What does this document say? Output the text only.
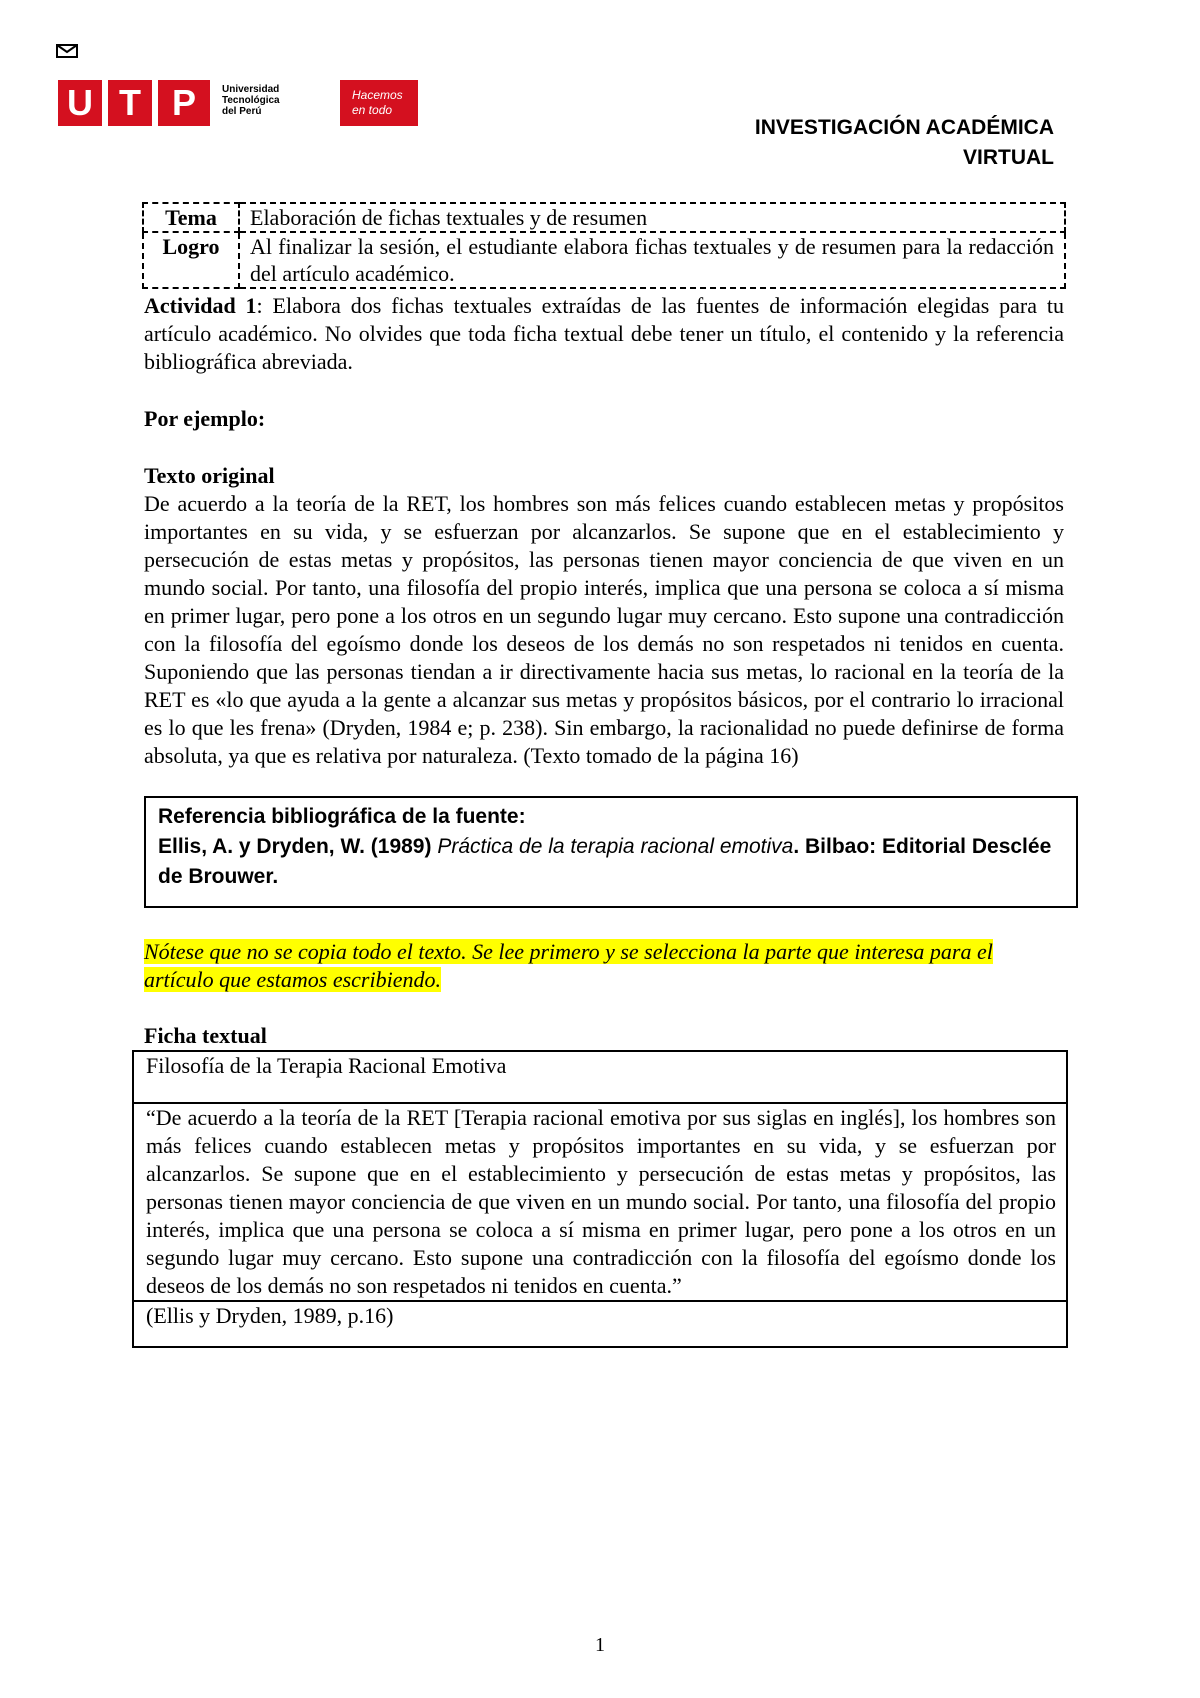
U T P	Universidad
Tecnológica
del Perú
Hacemos
en todo
INVESTIGACIÓN ACADÉMICA
VIRTUAL
Tema	Elaboración de fichas textuales y de resumen
Logro	Al finalizar la sesión, el estudiante elabora fichas textuales y de resumen para la redacción del artículo académico.
Actividad 1: Elabora dos fichas textuales extraídas de las fuentes de información elegidas para tu artículo académico. No olvides que toda ficha textual debe tener un título, el contenido y la referencia bibliográfica abreviada.
Por ejemplo:
Texto original
De acuerdo a la teoría de la RET, los hombres son más felices cuando establecen metas y propósitos importantes en su vida, y se esfuerzan por alcanzarlos. Se supone que en el establecimiento y persecución de estas metas y propósitos, las personas tienen mayor conciencia de que viven en un mundo social. Por tanto, una filosofía del propio interés, implica que una persona se coloca a sí misma en primer lugar, pero pone a los otros en un segundo lugar muy cercano. Esto supone una contradicción con la filosofía del egoísmo donde los deseos de los demás no son respetados ni tenidos en cuenta. Suponiendo que las personas tiendan a ir directivamente hacia sus metas, lo racional en la teoría de la RET es «lo que ayuda a la gente a alcanzar sus metas y propósitos básicos, por el contrario lo irracional es lo que les frena» (Dryden, 1984 e; p. 238). Sin embargo, la racionalidad no puede definirse de forma absoluta, ya que es relativa por naturaleza. (Texto tomado de la página 16)
Referencia bibliográfica de la fuente:
Ellis, A. y Dryden, W. (1989) Práctica de la terapia racional emotiva. Bilbao: Editorial Desclée de Brouwer.
Nótese que no se copia todo el texto. Se lee primero y se selecciona la parte que interesa para el artículo que estamos escribiendo.
Ficha textual
Filosofía de la Terapia Racional Emotiva
“De acuerdo a la teoría de la RET [Terapia racional emotiva por sus siglas en inglés], los hombres son más felices cuando establecen metas y propósitos importantes en su vida, y se esfuerzan por alcanzarlos. Se supone que en el establecimiento y persecución de estas metas y propósitos, las personas tienen mayor conciencia de que viven en un mundo social. Por tanto, una filosofía del propio interés, implica que una persona se coloca a sí misma en primer lugar, pero pone a los otros en un segundo lugar muy cercano. Esto supone una contradicción con la filosofía del egoísmo donde los deseos de los demás no son respetados ni tenidos en cuenta.”
(Ellis y Dryden, 1989, p.16)
1
